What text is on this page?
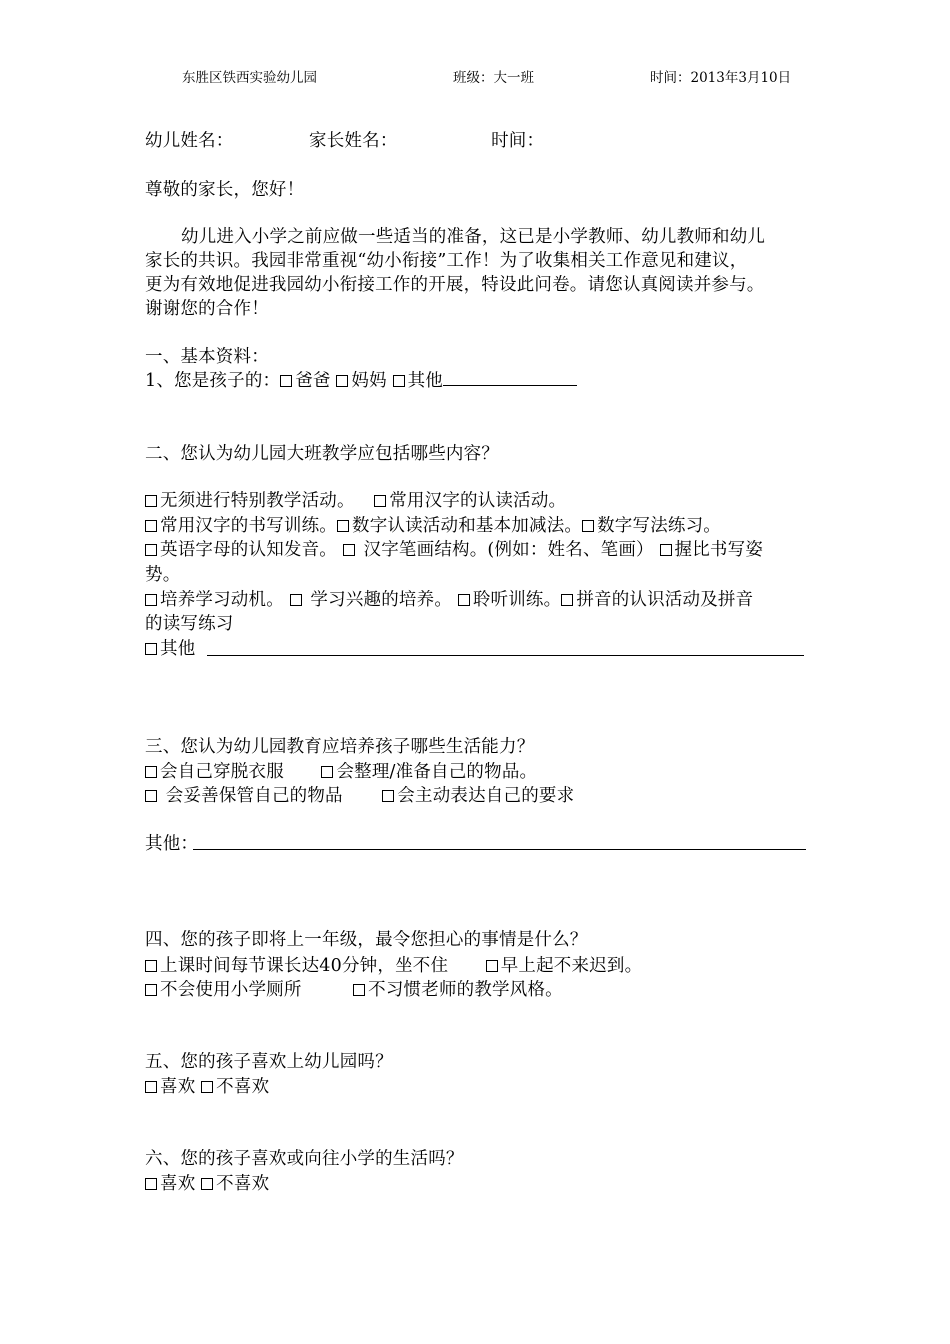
东胜区铁西实验幼儿园	班级：大一班	时间：2013年3月10日
幼儿姓名：	家长姓名：	时间：
尊敬的家长，您好！
幼儿进入小学之前应做一些适当的准备，这已是小学教师、幼儿教师和幼儿
家长的共识。我园非常重视“幼小衔接”工作！为了收集相关工作意见和建议，
更为有效地促进我园幼小衔接工作的开展，特设此问卷。请您认真阅读并参与。
谢谢您的合作！
一、基本资料：
1、您是孩子的： 爸爸 妈妈 其他
二、您认为幼儿园大班教学应包括哪些内容？
无须进行特别教学活动。 常用汉字的认读活动。
常用汉字的书写训练。 数字认读活动和基本加减法。 数字写法练习。
英语字母的认知发音。  汉字笔画结构。(例如：姓名、笔画） 握比书写姿
势。
培养学习动机。  学习兴趣的培养。 聆听训练。 拼音的认识活动及拼音
的读写练习
其他
三、您认为幼儿园教育应培养孩子哪些生活能力？
会自己穿脱衣服	会整理/准备自己的物品。
会妥善保管自己的物品	会主动表达自己的要求
其他：
四、您的孩子即将上一年级，最令您担心的事情是什么？
上课时间每节课长达40分钟，坐不住	早上起不来迟到。
不会使用小学厕所	不习惯老师的教学风格。
五、您的孩子喜欢上幼儿园吗？
喜欢 不喜欢
六、您的孩子喜欢或向往小学的生活吗？
喜欢 不喜欢
